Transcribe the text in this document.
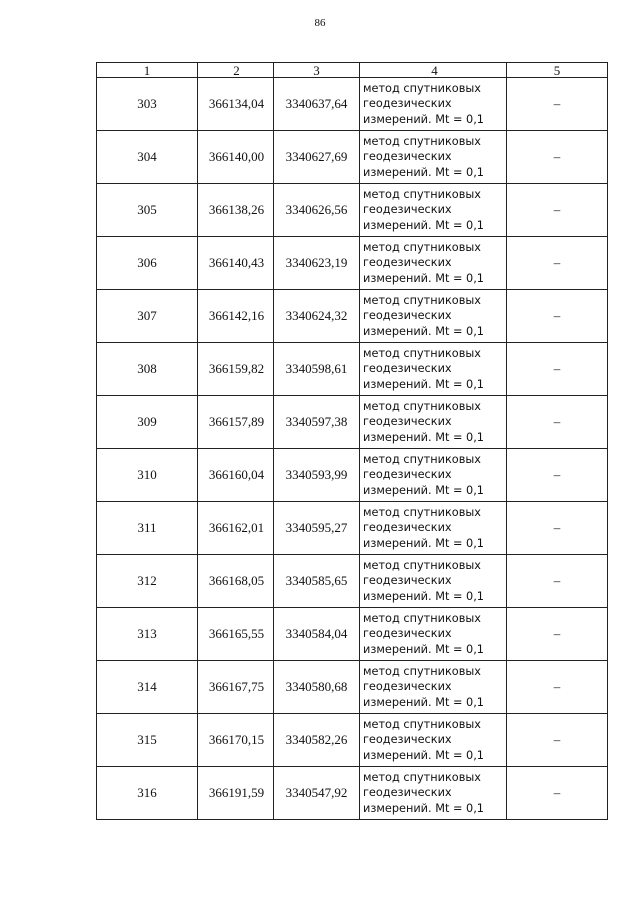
86
1	2	3	4	5
303	366134,04	3340637,64	метод спутниковых
геодезических
измерений. Mt = 0,1	–
304	366140,00	3340627,69	метод спутниковых
геодезических
измерений. Mt = 0,1	–
305	366138,26	3340626,56	метод спутниковых
геодезических
измерений. Mt = 0,1	–
306	366140,43	3340623,19	метод спутниковых
геодезических
измерений. Mt = 0,1	–
307	366142,16	3340624,32	метод спутниковых
геодезических
измерений. Mt = 0,1	–
308	366159,82	3340598,61	метод спутниковых
геодезических
измерений. Mt = 0,1	–
309	366157,89	3340597,38	метод спутниковых
геодезических
измерений. Mt = 0,1	–
310	366160,04	3340593,99	метод спутниковых
геодезических
измерений. Mt = 0,1	–
311	366162,01	3340595,27	метод спутниковых
геодезических
измерений. Mt = 0,1	–
312	366168,05	3340585,65	метод спутниковых
геодезических
измерений. Mt = 0,1	–
313	366165,55	3340584,04	метод спутниковых
геодезических
измерений. Mt = 0,1	–
314	366167,75	3340580,68	метод спутниковых
геодезических
измерений. Mt = 0,1	–
315	366170,15	3340582,26	метод спутниковых
геодезических
измерений. Mt = 0,1	–
316	366191,59	3340547,92	метод спутниковых
геодезических
измерений. Mt = 0,1	–
